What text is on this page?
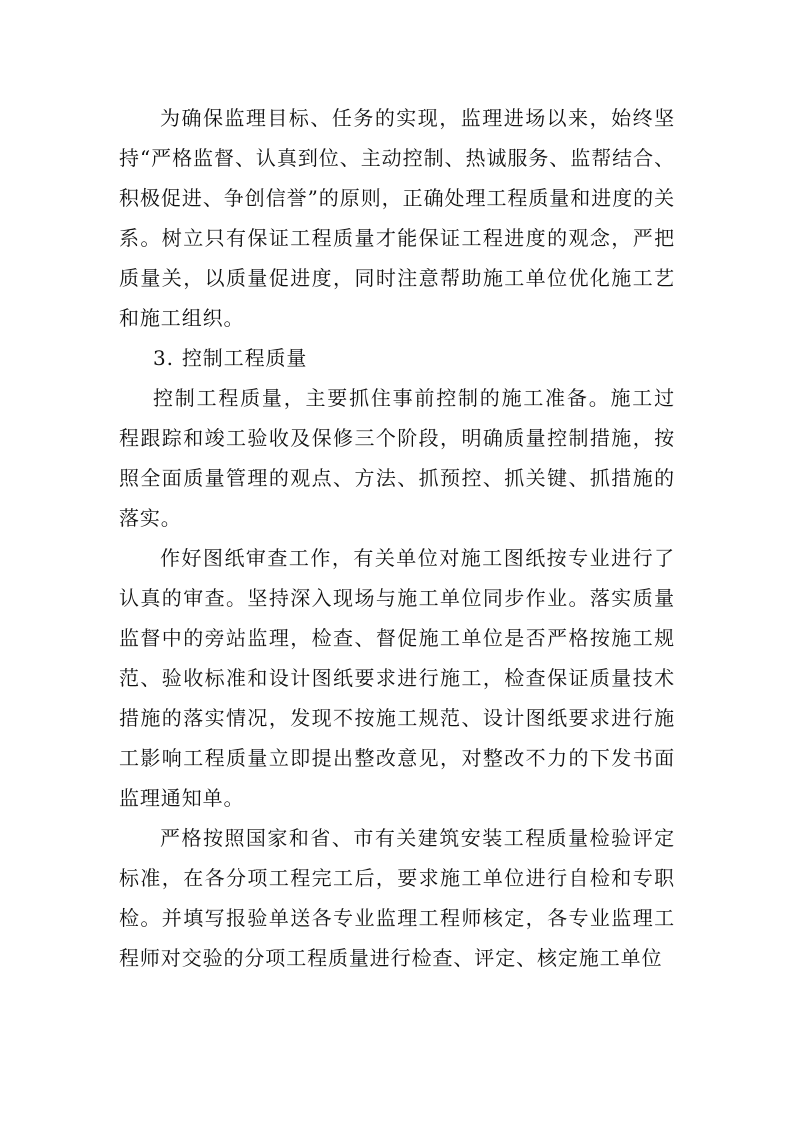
为确保监理目标、任务的实现，监理进场以来，始终坚持“严格监督、认真到位、主动控制、热诚服务、监帮结合、积极促进、争创信誉”的原则，正确处理工程质量和进度的关系。树立只有保证工程质量才能保证工程进度的观念，严把质量关，以质量促进度，同时注意帮助施工单位优化施工艺和施工组织。

3. 控制工程质量

控制工程质量，主要抓住事前控制的施工准备。施工过程跟踪和竣工验收及保修三个阶段，明确质量控制措施，按照全面质量管理的观点、方法、抓预控、抓关键、抓措施的落实。

作好图纸审查工作，有关单位对施工图纸按专业进行了认真的审查。坚持深入现场与施工单位同步作业。落实质量监督中的旁站监理，检查、督促施工单位是否严格按施工规范、验收标准和设计图纸要求进行施工，检查保证质量技术措施的落实情况，发现不按施工规范、设计图纸要求进行施工影响工程质量立即提出整改意见，对整改不力的下发书面监理通知单。

严格按照国家和省、市有关建筑安装工程质量检验评定标准，在各分项工程完工后，要求施工单位进行自检和专职检。并填写报验单送各专业监理工程师核定，各专业监理工程师对交验的分项工程质量进行检查、评定、核定施工单位
